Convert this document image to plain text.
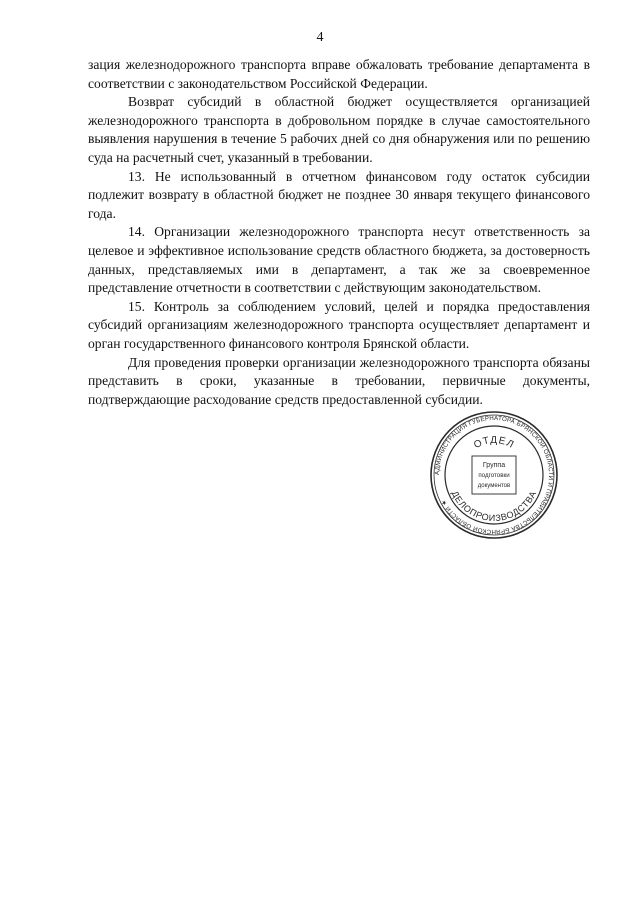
4

зация железнодорожного транспорта вправе обжаловать требование департамента в соответствии с законодательством Российской Федерации.

Возврат субсидий в областной бюджет осуществляется организацией железнодорожного транспорта в добровольном порядке в случае самостоятельного выявления нарушения в течение 5 рабочих дней со дня обнаружения или по решению суда на расчетный счет, указанный в требовании.

13. Не использованный в отчетном финансовом году остаток субсидии подлежит возврату в областной бюджет не позднее 30 января текущего финансового года.

14. Организации железнодорожного транспорта несут ответственность за целевое и эффективное использование средств областного бюджета, за достоверность данных, представляемых ими в департамент, а так же за своевременное представление отчетности в соответствии с действующим законодательством.

15. Контроль за соблюдением условий, целей и порядка предоставления субсидий организациям железнодорожного транспорта осуществляет департамент и орган государственного финансового контроля Брянской области.

Для проведения проверки организации железнодорожного транспорта обязаны представить в сроки, указанные в требовании, первичные документы, подтверждающие расходование средств предоставленной субсидии.

АДМИНИСТРАЦИЯ ГУБЕРНАТОРА БРЯНСКОЙ ОБЛАСТИ И ПРАВИТЕЛЬСТВА БРЯНСКОЙ ОБЛАСТИ ★
ОТДЕЛ
ДЕЛОПРОИЗВОДСТВА
Группа
подготовки
документов
